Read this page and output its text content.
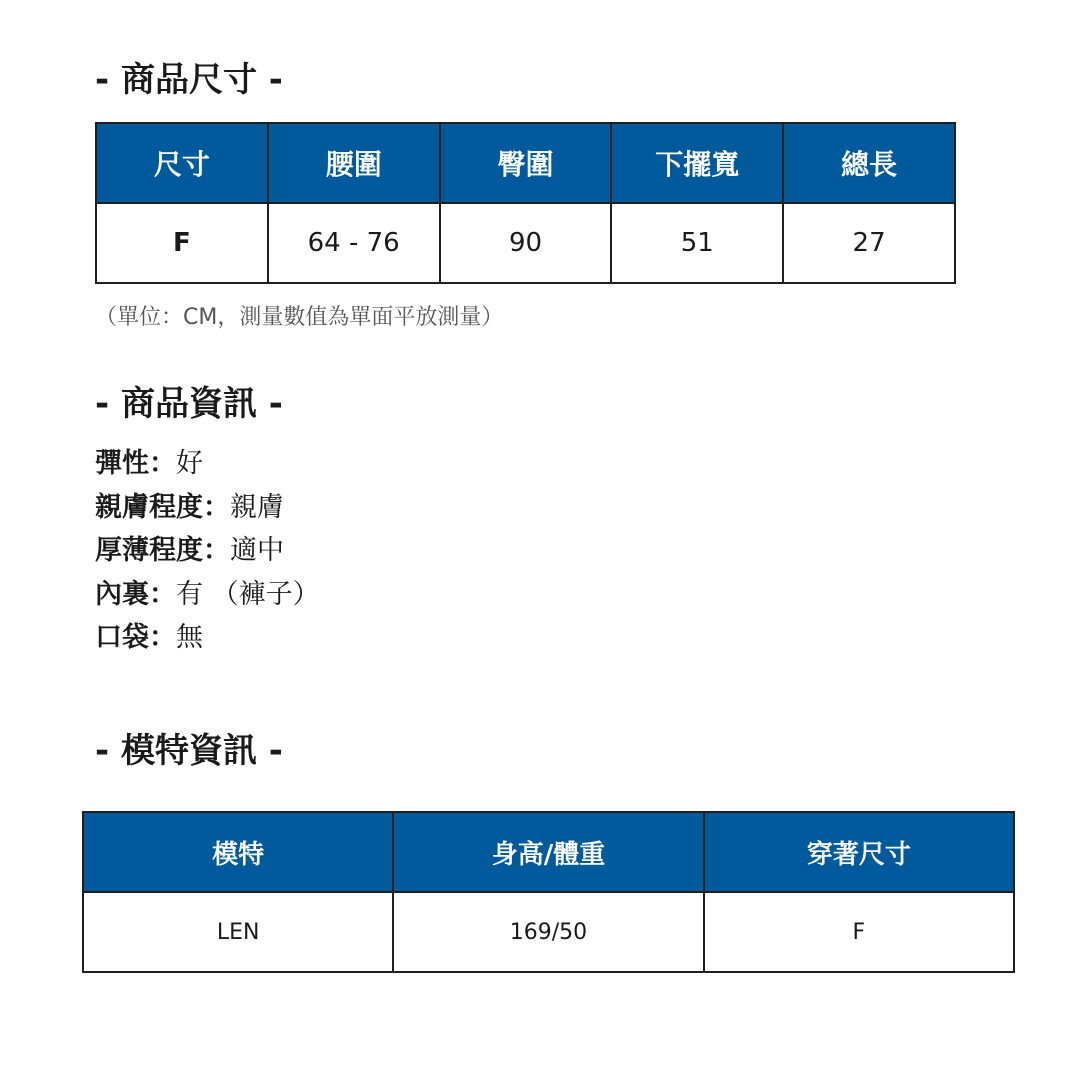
- 商品尺寸 -
尺寸	腰圍	臀圍	下擺寬	總長
F	64 - 76	90	51	27
（單位：CM，測量數值為單面平放測量）
- 商品資訊 -
彈性：好
親膚程度：親膚
厚薄程度：適中
內裏：有 （褲子）
口袋：無
- 模特資訊 -
模特	身高/體重	穿著尺寸
LEN	169/50	F
